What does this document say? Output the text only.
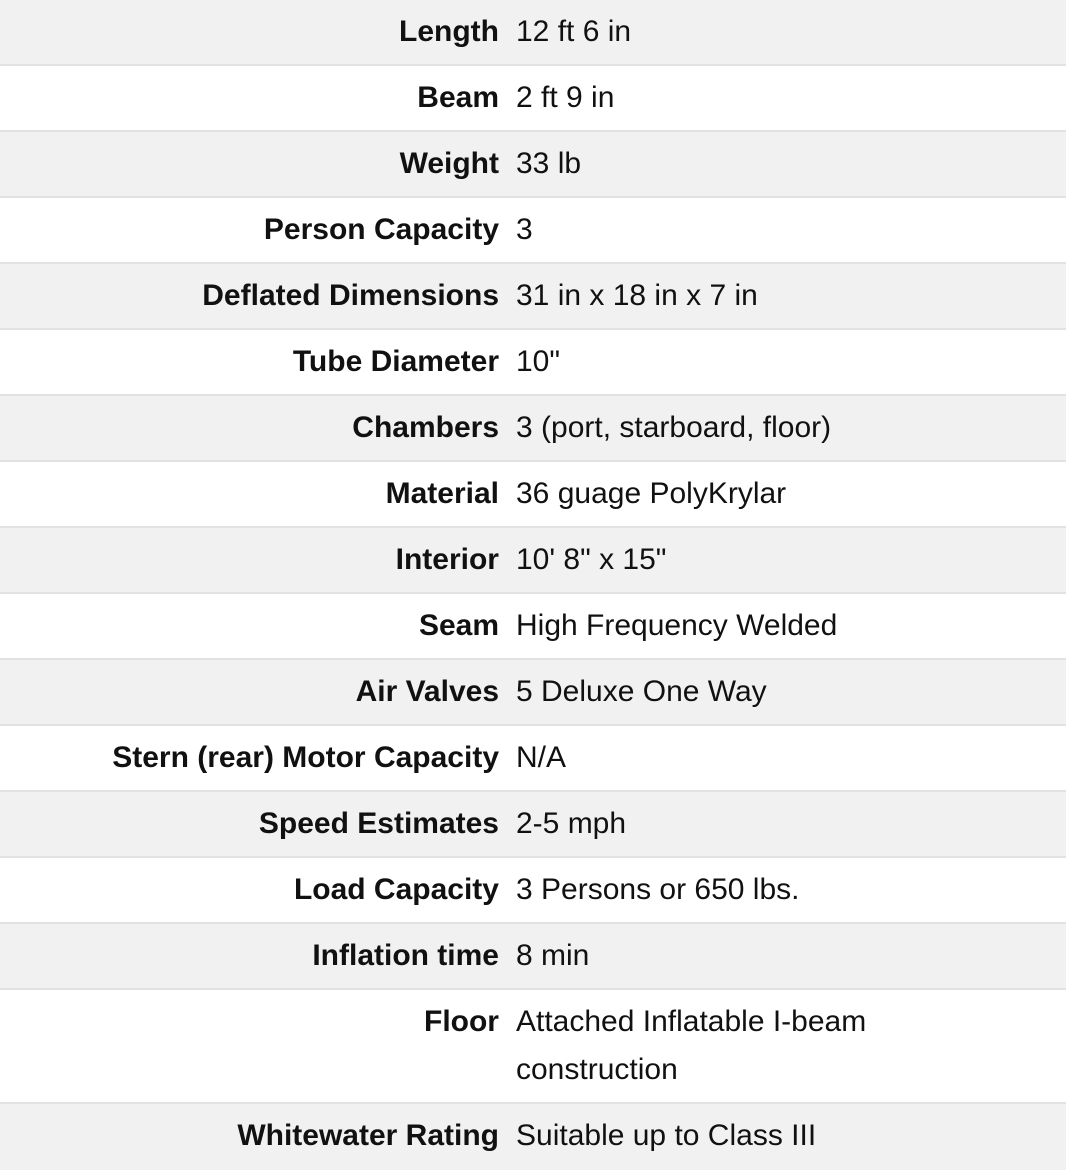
Length 12 ft 6 in
Beam 2 ft 9 in
Weight 33 lb
Person Capacity 3
Deflated Dimensions 31 in x 18 in x 7 in
Tube Diameter 10"
Chambers 3 (port, starboard, floor)
Material 36 guage PolyKrylar
Interior 10' 8" x 15"
Seam High Frequency Welded
Air Valves 5 Deluxe One Way
Stern (rear) Motor Capacity N/A
Speed Estimates 2-5 mph
Load Capacity 3 Persons or 650 lbs.
Inflation time 8 min
Floor Attached Inflatable I-beam construction
Whitewater Rating Suitable up to Class III
